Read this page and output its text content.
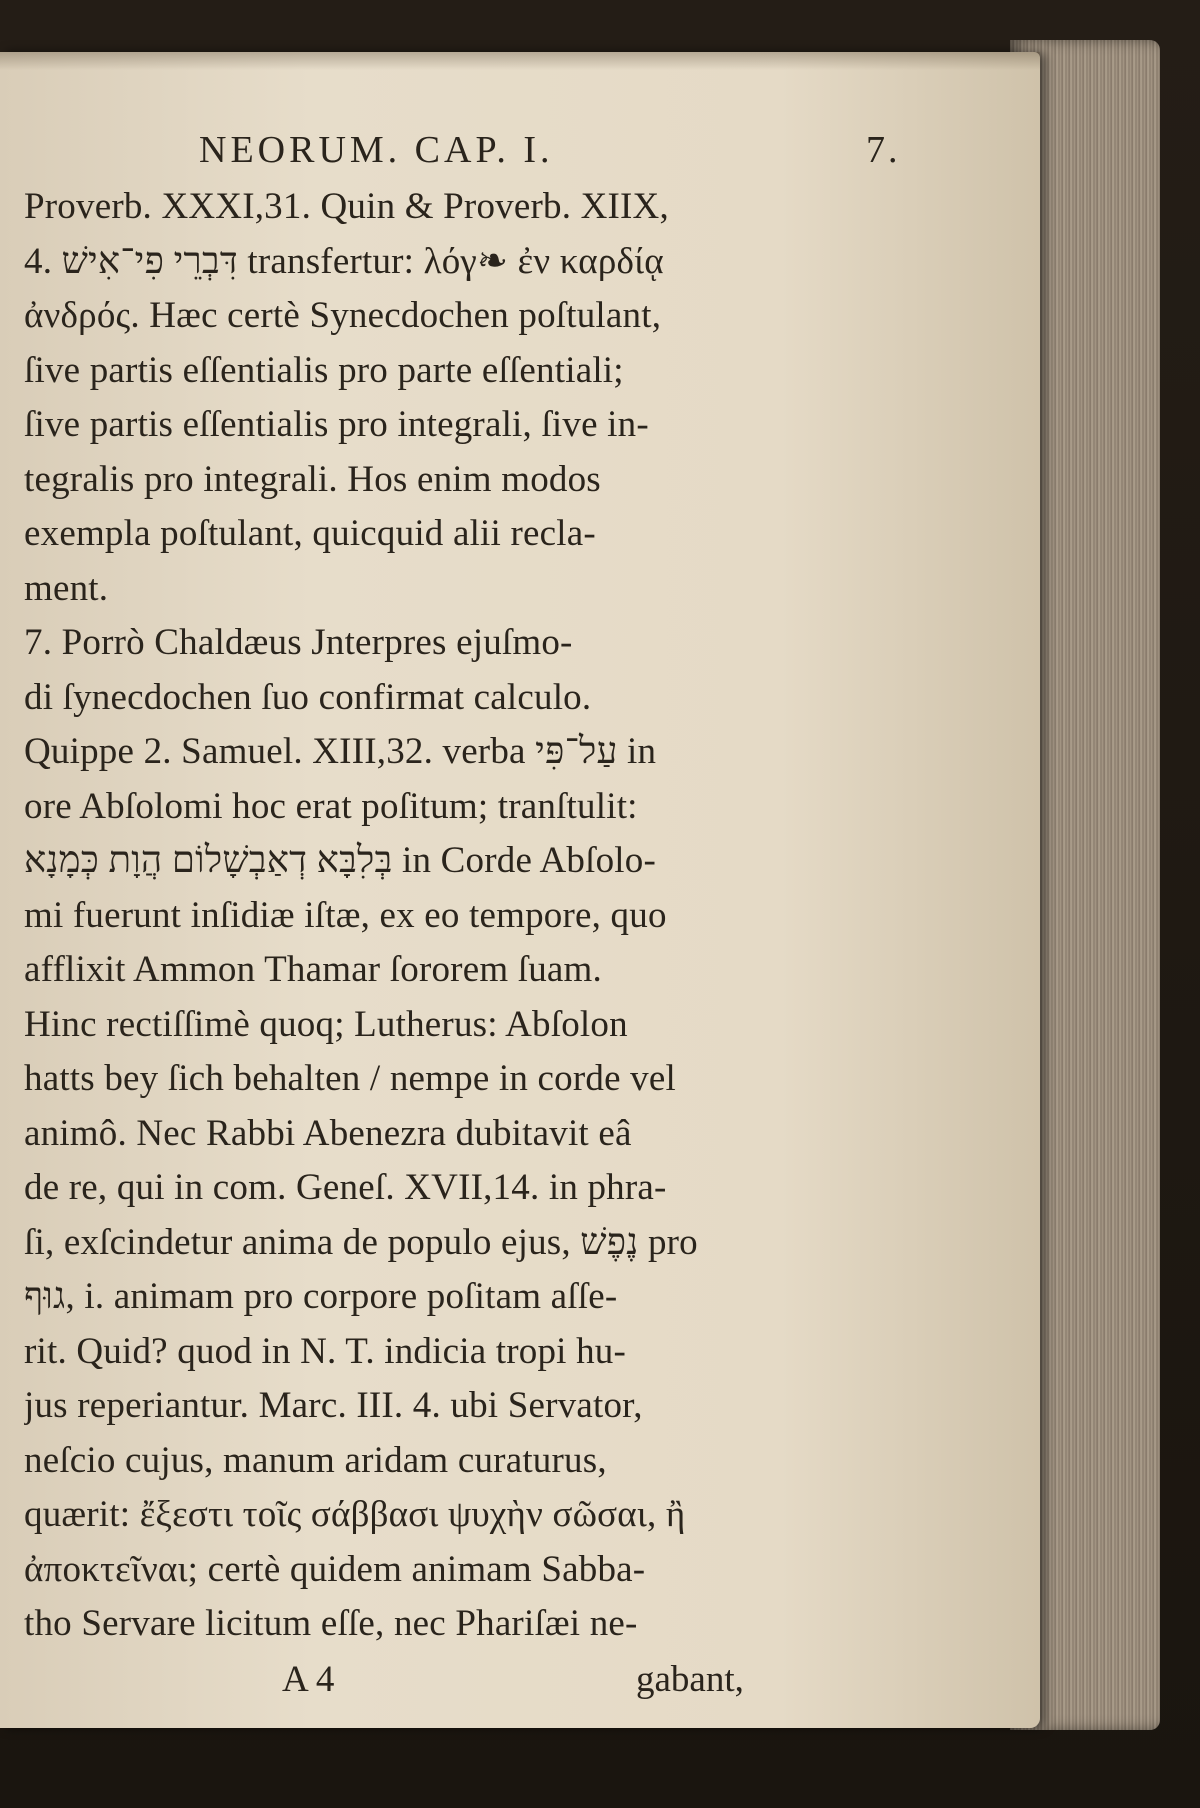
NEORUM. CAP. I.	7.
Proverb. XXXI,31. Quin & Proverb. XIIX,
4. דִּבְרֵי פִי־אִישׁ transfertur: λόγ❧ ἐν καρδίᾳ
ἀνδρός. Hæc certè Synecdochen poſtulant,
ſive partis eſſentialis pro parte eſſentiali;
ſive partis eſſentialis pro integrali, ſive in-
tegralis pro integrali. Hos enim modos
exempla poſtulant, quicquid alii recla-
ment.
7. Porrò Chaldæus Jnterpres ejuſmo-
di ſynecdochen ſuo confirmat calculo.
Quippe 2. Samuel. XIII,32. verba עַל־פִּי in
ore Abſolomi hoc erat poſitum; tranſtulit:
בְּלִבָּא דְאַבְשָׁלוֹם הֲוָת כְּמָנָא in Corde Abſolo-
mi fuerunt inſidiæ iſtæ, ex eo tempore, quo
afflixit Ammon Thamar ſororem ſuam.
Hinc rectiſſimè quoq; Lutherus: Abſolon
hatts bey ſich behalten / nempe in corde vel
animô. Nec Rabbi Abenezra dubitavit eâ
de re, qui in com. Geneſ. XVII,14. in phra-
ſi, exſcindetur anima de populo ejus, נֶפֶשׁ pro
גוּף, i. animam pro corpore poſitam aſſe-
rit. Quid? quod in N. T. indicia tropi hu-
jus reperiantur. Marc. III. 4. ubi Servator,
neſcio cujus, manum aridam curaturus,
quærit: ἔξεστι τοῖς σάββασι ψυχὴν σῶσαι, ἢ
ἀποκτεῖναι; certè quidem animam Sabba-
tho Servare licitum eſſe, nec Phariſæi ne-
A 4	gabant,
